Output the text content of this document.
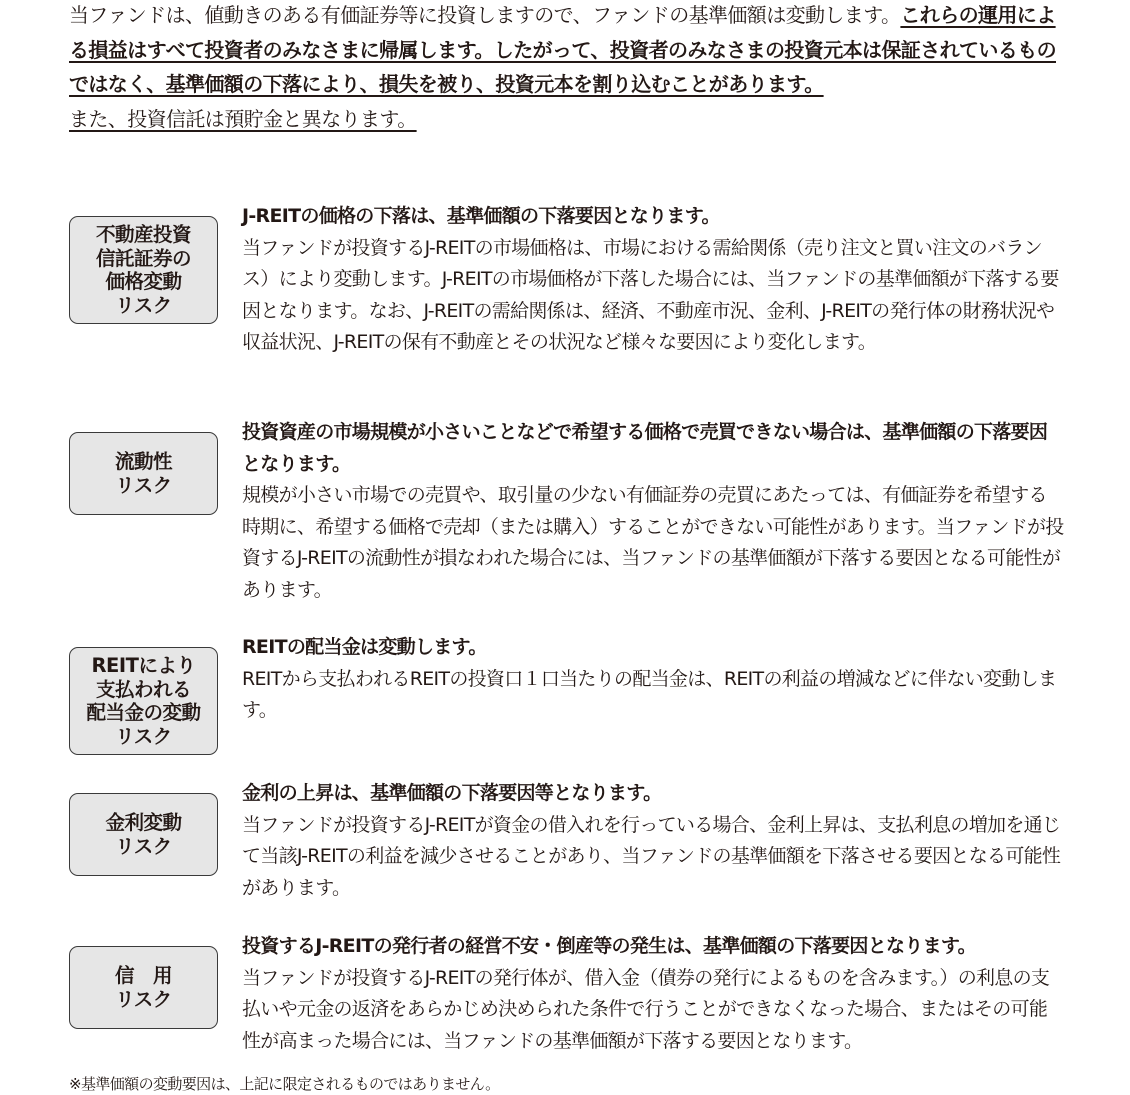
当ファンドは、値動きのある有価証券等に投資しますので、ファンドの基準価額は変動します。これらの運用による損益はすべて投資者のみなさまに帰属します。したがって、投資者のみなさまの投資元本は保証されているものではなく、基準価額の下落により、損失を被り、投資元本を割り込むことがあります。
また、投資信託は預貯金と異なります。

不動産投資
信託証券の
価格変動
リスク

J-REITの価格の下落は、基準価額の下落要因となります。

当ファンドが投資するJ-REITの市場価格は、市場における需給関係（売り注文と買い注文のバランス）により変動します。J-REITの市場価格が下落した場合には、当ファンドの基準価額が下落する要因となります。なお、J-REITの需給関係は、経済、不動産市況、金利、J-REITの発行体の財務状況や収益状況、J-REITの保有不動産とその状況など様々な要因により変化します。

流動性
リスク

投資資産の市場規模が小さいことなどで希望する価格で売買できない場合は、基準価額の下落要因となります。

規模が小さい市場での売買や、取引量の少ない有価証券の売買にあたっては、有価証券を希望する時期に、希望する価格で売却（または購入）することができない可能性があります。当ファンドが投資するJ-REITの流動性が損なわれた場合には、当ファンドの基準価額が下落する要因となる可能性があります。

REITにより
支払われる
配当金の変動
リスク

REITの配当金は変動します。

REITから支払われるREITの投資口１口当たりの配当金は、REITの利益の増減などに伴ない変動します。

金利変動
リスク

金利の上昇は、基準価額の下落要因等となります。

当ファンドが投資するJ-REITが資金の借入れを行っている場合、金利上昇は、支払利息の増加を通じて当該J-REITの利益を減少させることがあり、当ファンドの基準価額を下落させる要因となる可能性があります。

信　用
リスク

投資するJ-REITの発行者の経営不安・倒産等の発生は、基準価額の下落要因となります。

当ファンドが投資するJ-REITの発行体が、借入金（債券の発行によるものを含みます。）の利息の支払いや元金の返済をあらかじめ決められた条件で行うことができなくなった場合、またはその可能性が高まった場合には、当ファンドの基準価額が下落する要因となります。

※基準価額の変動要因は、上記に限定されるものではありません。
